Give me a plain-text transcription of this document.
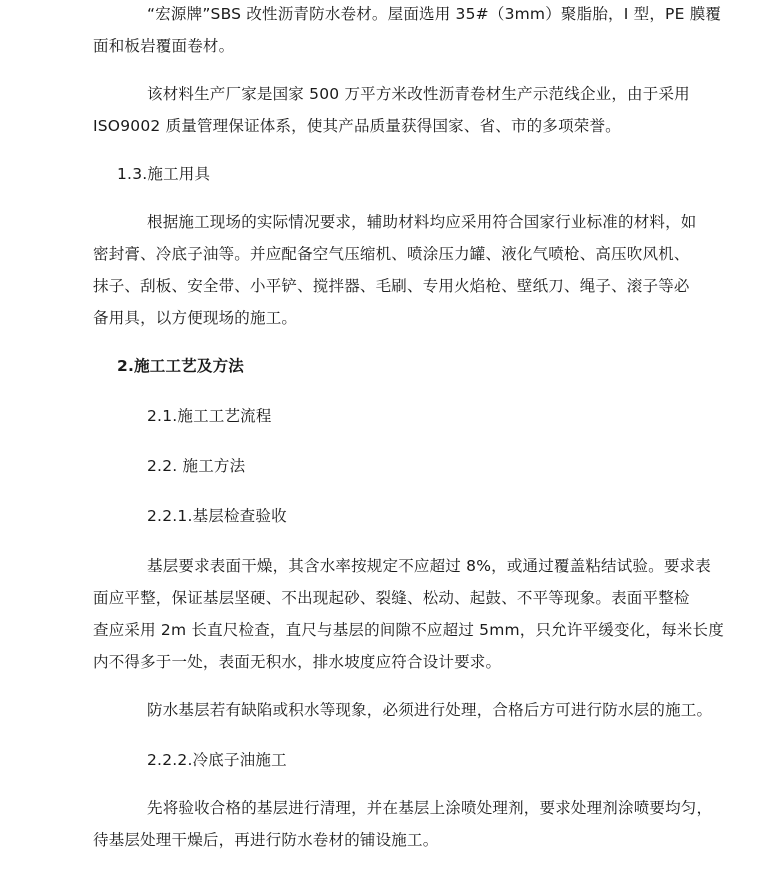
“宏源牌”SBS 改性沥青防水卷材。屋面选用 35#（3mm）聚脂胎，I 型，PE 膜覆
面和板岩覆面卷材。
该材料生产厂家是国家 500 万平方米改性沥青卷材生产示范线企业，由于采用
ISO9002 质量管理保证体系，使其产品质量获得国家、省、市的多项荣誉。
1.3.施工用具
根据施工现场的实际情况要求，辅助材料均应采用符合国家行业标准的材料，如
密封膏、冷底子油等。并应配备空气压缩机、喷涂压力罐、液化气喷枪、高压吹风机、
抹子、刮板、安全带、小平铲、搅拌器、毛刷、专用火焰枪、壁纸刀、绳子、滚子等必
备用具，以方便现场的施工。
2.施工工艺及方法
2.1.施工工艺流程
2.2. 施工方法
2.2.1.基层检查验收
基层要求表面干燥，其含水率按规定不应超过 8%，或通过覆盖粘结试验。要求表
面应平整，保证基层坚硬、不出现起砂、裂缝、松动、起鼓、不平等现象。表面平整检
查应采用 2m 长直尺检查，直尺与基层的间隙不应超过 5mm，只允许平缓变化，每米长度
内不得多于一处，表面无积水，排水坡度应符合设计要求。
防水基层若有缺陷或积水等现象，必须进行处理，合格后方可进行防水层的施工。
2.2.2.冷底子油施工
先将验收合格的基层进行清理，并在基层上涂喷处理剂，要求处理剂涂喷要均匀，
待基层处理干燥后，再进行防水卷材的铺设施工。
